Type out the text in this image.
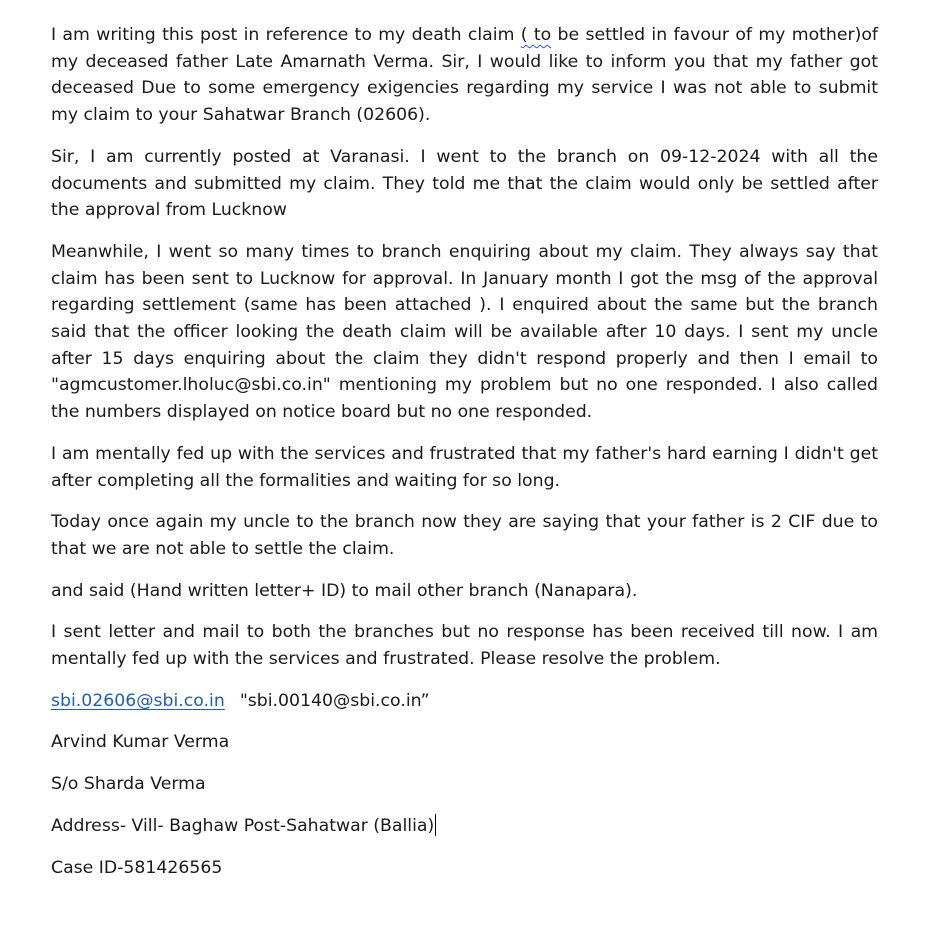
I am writing this post in reference to my death claim ( to be settled in favour of my mother)of my deceased father Late Amarnath Verma. Sir, I would like to inform you that my father got deceased Due to some emergency exigencies regarding my service I was not able to submit my claim to your Sahatwar Branch (02606).

Sir, I am currently posted at Varanasi. I went to the branch on 09-12-2024 with all the documents and submitted my claim. They told me that the claim would only be settled after the approval from Lucknow

Meanwhile, I went so many times to branch enquiring about my claim. They always say that claim has been sent to Lucknow for approval. In January month I got the msg of the approval regarding settlement (same has been attached ). I enquired about the same but the branch said that the officer looking the death claim will be available after 10 days. I sent my uncle after 15 days enquiring about the claim they didn't respond properly and then I email to "agmcustomer.lholuc@sbi.co.in" mentioning my problem but no one responded. I also called the numbers displayed on notice board but no one responded.

I am mentally fed up with the services and frustrated that my father's hard earning I didn't get after completing all the formalities and waiting for so long.

Today once again my uncle to the branch now they are saying that your father is 2 CIF due to that we are not able to settle the claim.

and said (Hand written letter+ ID) to mail other branch (Nanapara).

I sent letter and mail to both the branches but no response has been received till now. I am mentally fed up with the services and frustrated. Please resolve the problem.

sbi.02606@sbi.co.in "sbi.00140@sbi.co.in”

Arvind Kumar Verma

S/o Sharda Verma

Address- Vill- Baghaw Post-Sahatwar (Ballia)

Case ID-581426565
